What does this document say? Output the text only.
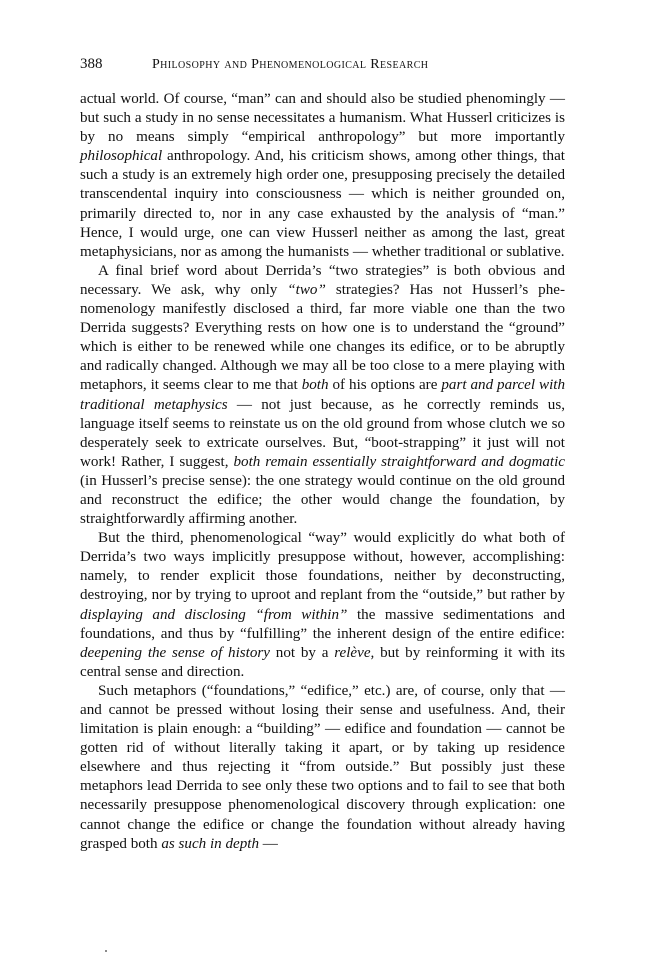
388	Philosophy and Phenomenological Research

actual world. Of course, “man” can and should also be studied phenomingly — but such a study in no sense necessitates a humanism. What Husserl criticizes is by no means simply “empirical anthropology” but more importantly philosophical anthropology. And, his criticism shows, among other things, that such a study is an extremely high order one, presupposing precisely the detailed transcendental inquiry into consciousness — which is neither grounded on, primarily directed to, nor in any case exhausted by the analysis of “man.” Hence, I would urge, one can view Husserl neither as among the last, great metaphysicians, nor as among the humanists — whether traditional or sublative.

A final brief word about Derrida’s “two strategies” is both obvious and necessary. We ask, why only “two” strategies? Has not Husserl’s phenomenology manifestly disclosed a third, far more viable one than the two Derrida suggests? Everything rests on how one is to understand the “ground” which is either to be renewed while one changes its edifice, or to be abruptly and radically changed. Although we may all be too close to a mere playing with metaphors, it seems clear to me that both of his options are part and parcel with traditional metaphysics — not just because, as he correctly reminds us, language itself seems to reinstate us on the old ground from whose clutch we so desperately seek to extricate ourselves. But, “boot-strapping” it just will not work! Rather, I suggest, both remain essentially straightforward and dogmatic (in Husserl’s precise sense): the one strategy would continue on the old ground and reconstruct the edifice; the other would change the foundation, by straightforwardly affirming another.

But the third, phenomenological “way” would explicitly do what both of Derrida’s two ways implicitly presuppose without, however, accomplishing: namely, to render explicit those foundations, neither by deconstructing, destroying, nor by trying to uproot and replant from the “outside,” but rather by displaying and disclosing “from within” the massive sedimentations and foundations, and thus by “fulfilling” the inherent design of the entire edifice: deepening the sense of history not by a relève, but by reinforming it with its central sense and direction.

Such metaphors (“foundations,” “edifice,” etc.) are, of course, only that — and cannot be pressed without losing their sense and usefulness. And, their limitation is plain enough: a “building” — edifice and foundation — cannot be gotten rid of without literally taking it apart, or by taking up residence elsewhere and thus rejecting it “from outside.” But possibly just these metaphors lead Derrida to see only these two options and to fail to see that both necessarily presuppose phenomenological discovery through explication: one cannot change the edifice or change the foundation without already having grasped both as such in depth —
